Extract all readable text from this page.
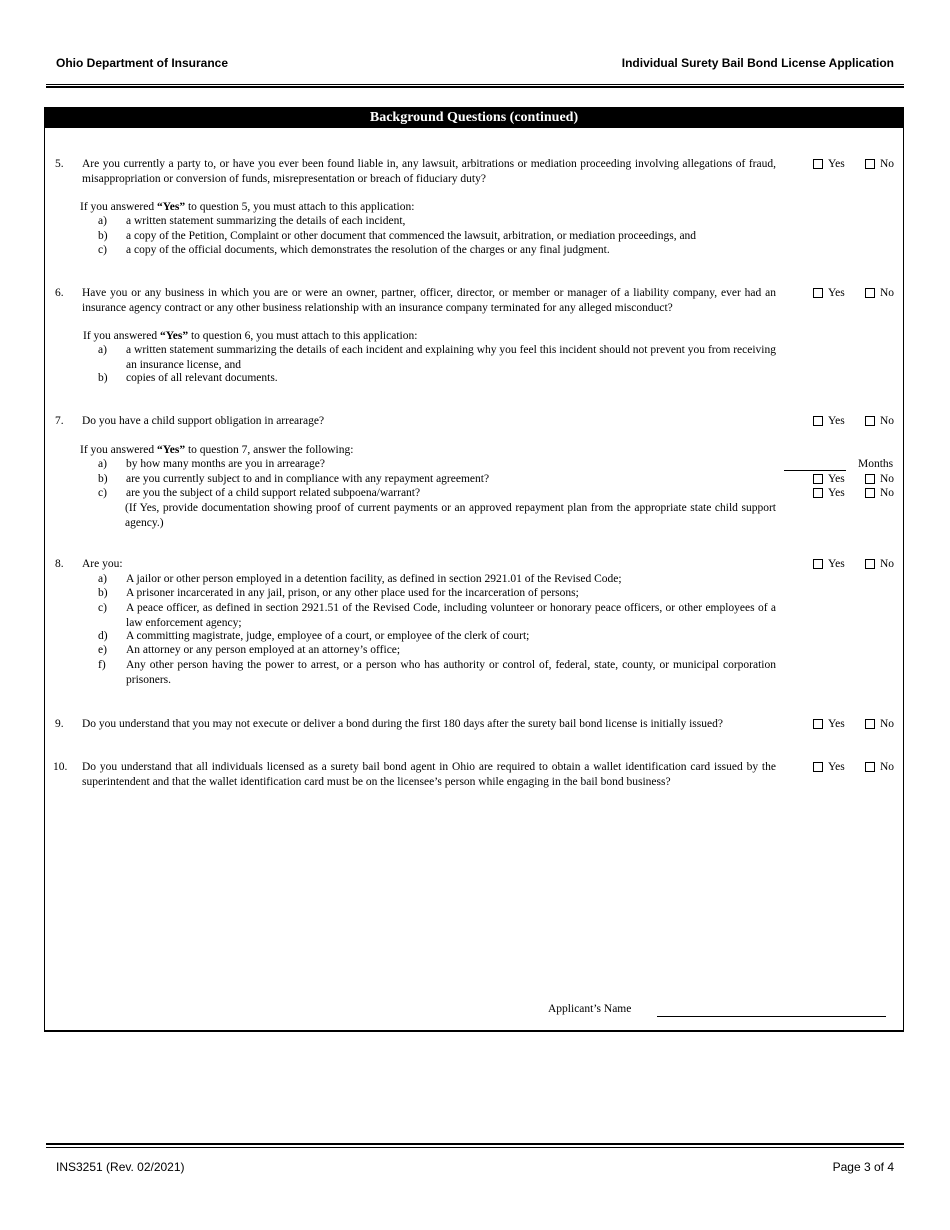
Ohio Department of Insurance	Individual Surety Bail Bond License Application
Background Questions (continued)
5. Are you currently a party to, or have you ever been found liable in, any lawsuit, arbitrations or mediation proceeding involving allegations of fraud, misappropriation or conversion of funds, misrepresentation or breach of fiduciary duty?
Yes	No
If you answered “Yes” to question 5, you must attach to this application:
a) a written statement summarizing the details of each incident,
b) a copy of the Petition, Complaint or other document that commenced the lawsuit, arbitration, or mediation proceedings, and
c) a copy of the official documents, which demonstrates the resolution of the charges or any final judgment.
6. Have you or any business in which you are or were an owner, partner, officer, director, or member or manager of a liability company, ever had an insurance agency contract or any other business relationship with an insurance company terminated for any alleged misconduct?
Yes	No
If you answered “Yes” to question 6, you must attach to this application:
a) a written statement summarizing the details of each incident and explaining why you feel this incident should not prevent you from receiving an insurance license, and
b) copies of all relevant documents.
7. Do you have a child support obligation in arrearage?	Yes	No
If you answered “Yes” to question 7, answer the following:
a) by how many months are you in arrearage?	Months
b) are you currently subject to and in compliance with any repayment agreement?	Yes	No
c) are you the subject of a child support related subpoena/warrant?	Yes	No
(If Yes, provide documentation showing proof of current payments or an approved repayment plan from the appropriate state child support agency.)
8. Are you:	Yes	No
a) A jailor or other person employed in a detention facility, as defined in section 2921.01 of the Revised Code;
b) A prisoner incarcerated in any jail, prison, or any other place used for the incarceration of persons;
c) A peace officer, as defined in section 2921.51 of the Revised Code, including volunteer or honorary peace officers, or other employees of a law enforcement agency;
d) A committing magistrate, judge, employee of a court, or employee of the clerk of court;
e) An attorney or any person employed at an attorney’s office;
f) Any other person having the power to arrest, or a person who has authority or control of, federal, state, county, or municipal corporation prisoners.
9. Do you understand that you may not execute or deliver a bond during the first 180 days after the surety bail bond license is initially issued?	Yes	No
10. Do you understand that all individuals licensed as a surety bail bond agent in Ohio are required to obtain a wallet identification card issued by the superintendent and that the wallet identification card must be on the licensee’s person while engaging in the bail bond business?
Yes	No
Applicant’s Name
INS3251 (Rev. 02/2021)	Page 3 of 4
